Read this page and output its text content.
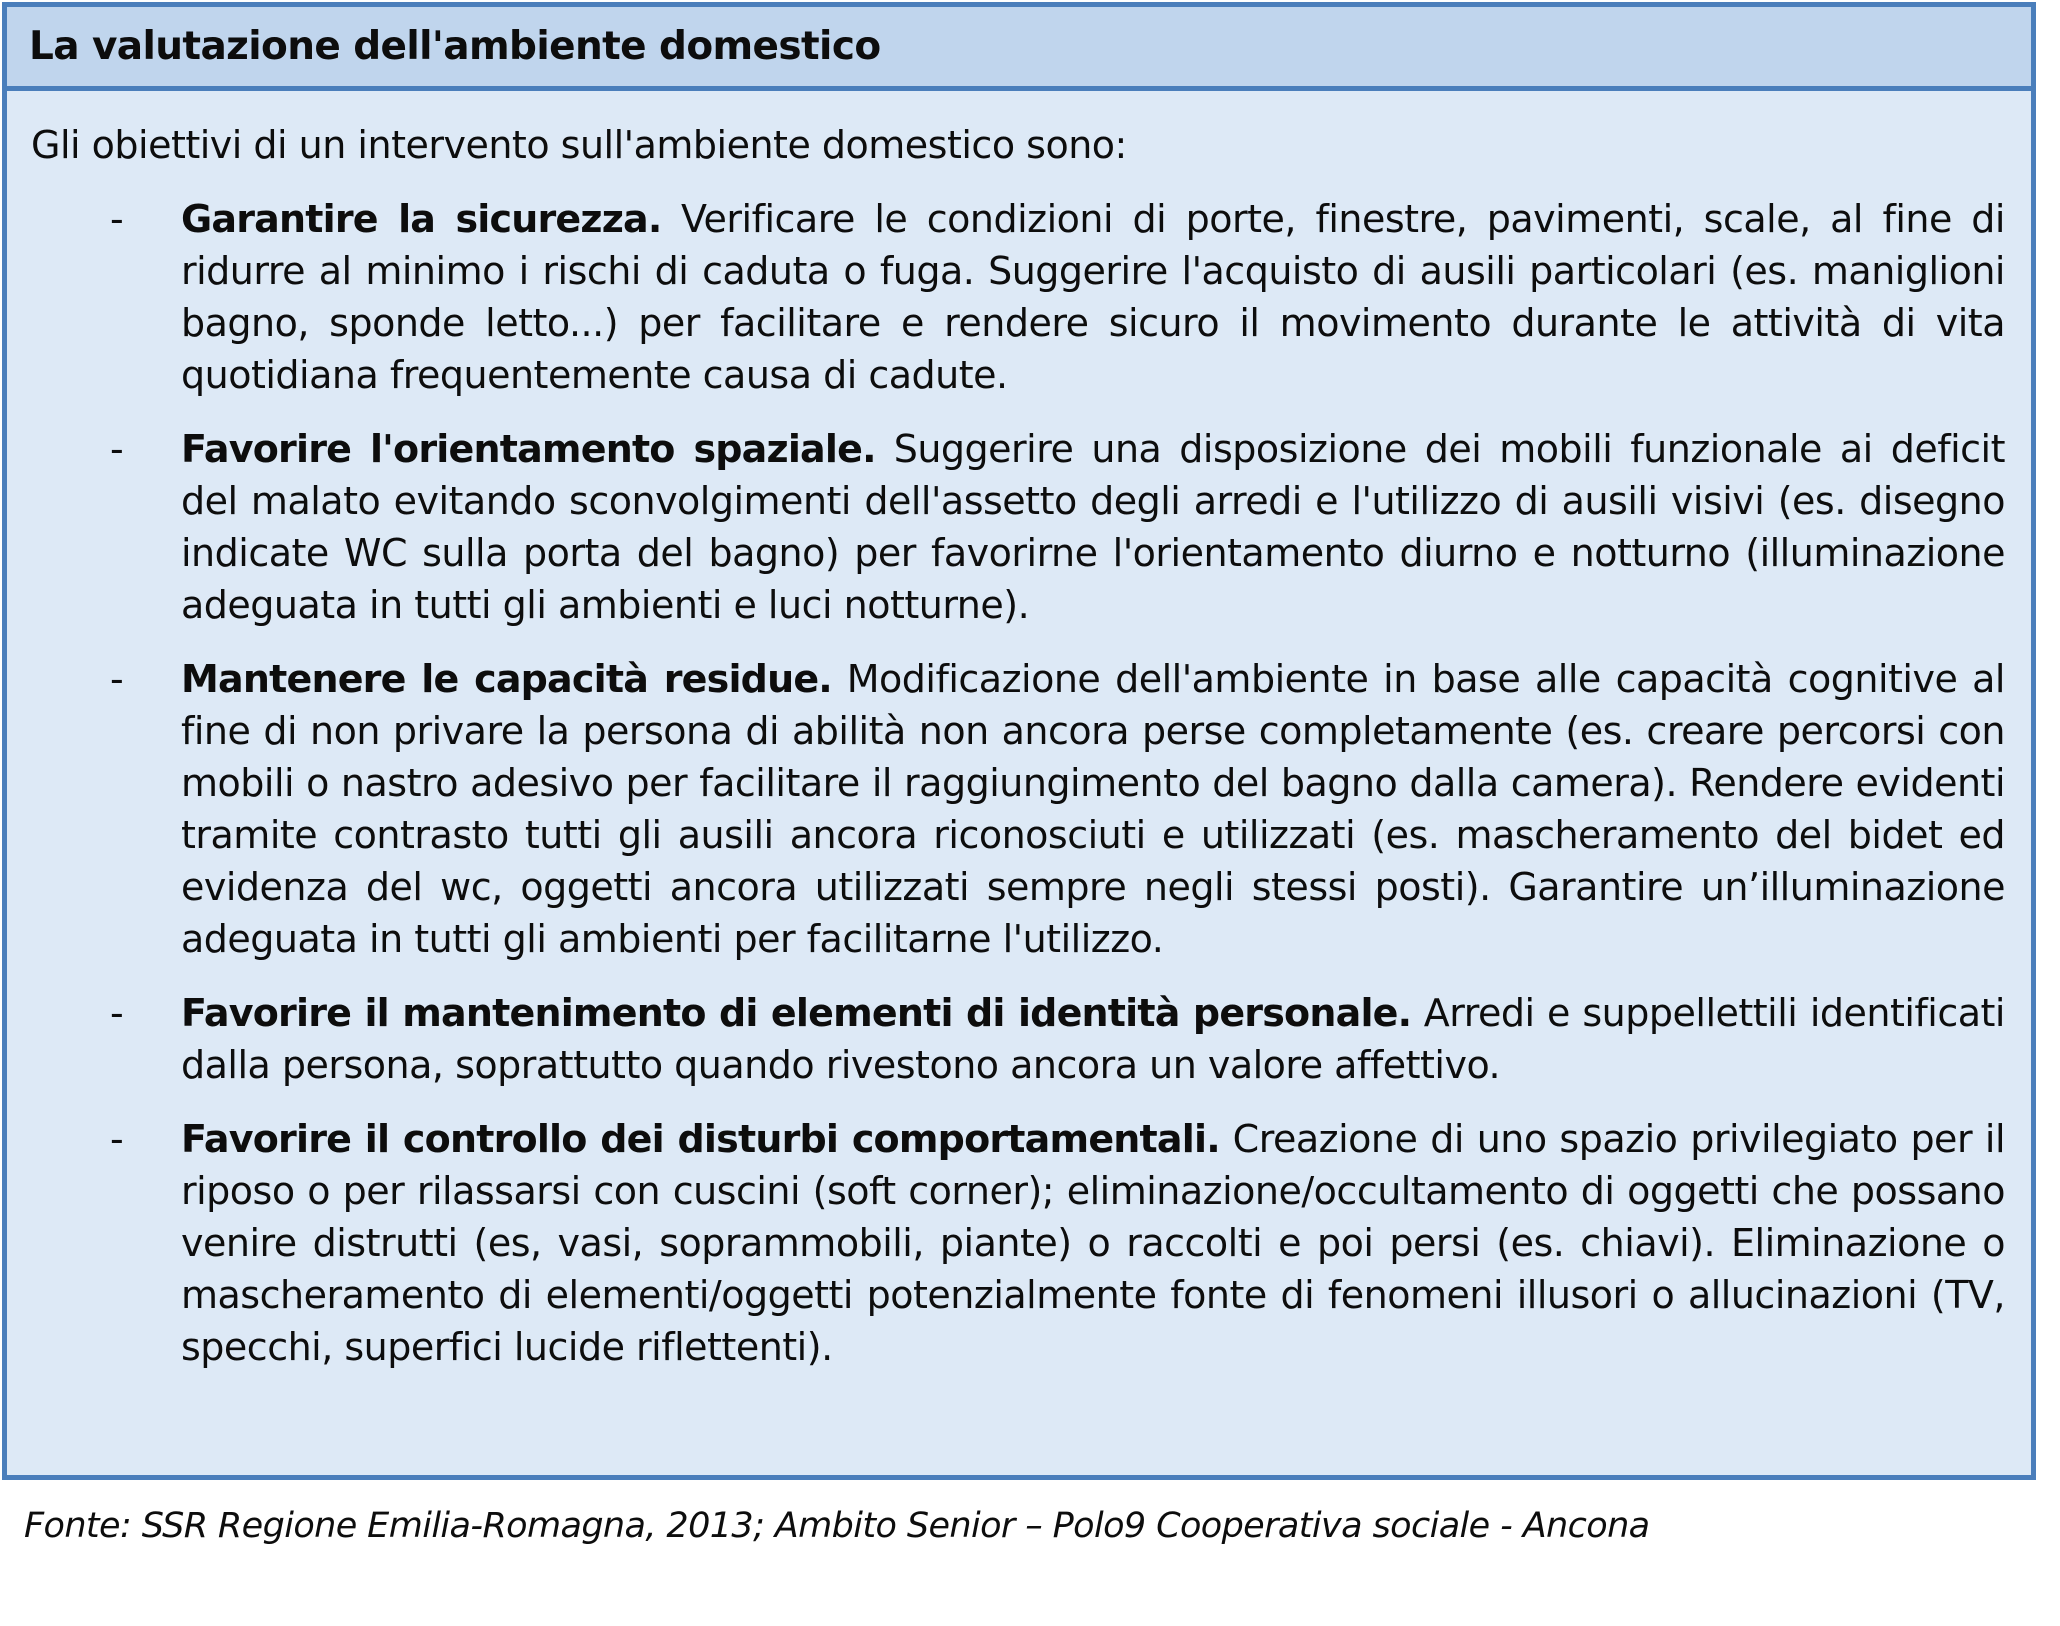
La valutazione dell'ambiente domestico

Gli obiettivi di un intervento sull'ambiente domestico sono:

-	Garantire la sicurezza. Verificare le condizioni di porte, finestre, pavimenti, scale, al fine di ridurre al minimo i rischi di caduta o fuga. Suggerire l'acquisto di ausili particolari (es. maniglioni bagno, sponde letto...) per facilitare e rendere sicuro il movimento durante le attività di vita quotidiana frequentemente causa di cadute.
-	Favorire l'orientamento spaziale. Suggerire una disposizione dei mobili funzionale ai deficit del malato evitando sconvolgimenti dell'assetto degli arredi e l'utilizzo di ausili visivi (es. disegno indicate WC sulla porta del bagno) per favorirne l'orientamento diurno e notturno (illuminazione adeguata in tutti gli ambienti e luci notturne).
-	Mantenere le capacità residue. Modificazione dell'ambiente in base alle capacità cognitive al fine di non privare la persona di abilità non ancora perse completamente (es. creare percorsi con mobili o nastro adesivo per facilitare il raggiungimento del bagno dalla camera). Rendere evidenti tramite contrasto tutti gli ausili ancora riconosciuti e utilizzati (es. mascheramento del bidet ed evidenza del wc, oggetti ancora utilizzati sempre negli stessi posti). Garantire un’illuminazione adeguata in tutti gli ambienti per facilitarne l'utilizzo.
-	Favorire il mantenimento di elementi di identità personale. Arredi e suppellettili identificati dalla persona, soprattutto quando rivestono ancora un valore affettivo.
-	Favorire il controllo dei disturbi comportamentali. Creazione di uno spazio privilegiato per il riposo o per rilassarsi con cuscini (soft corner); eliminazione/occultamento di oggetti che possano venire distrutti (es, vasi, soprammobili, piante) o raccolti e poi persi (es. chiavi). Eliminazione o mascheramento di elementi/oggetti potenzialmente fonte di fenomeni illusori o allucinazioni (TV, specchi, superfici lucide riflettenti).
Fonte: SSR Regione Emilia-Romagna, 2013; Ambito Senior – Polo9 Cooperativa sociale - Ancona
